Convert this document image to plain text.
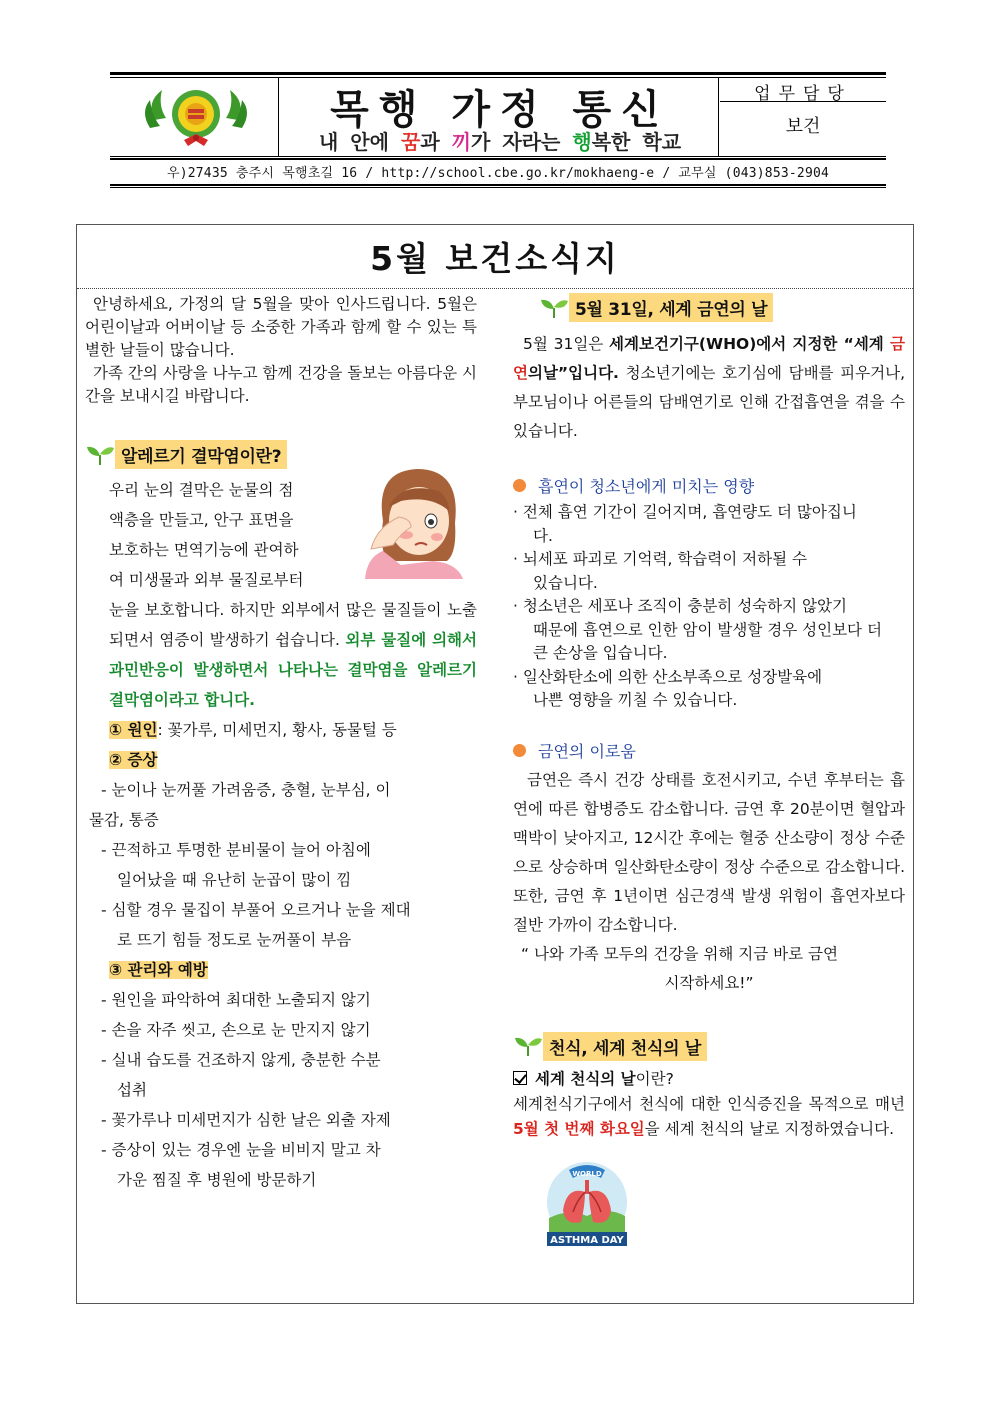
목행 가정 통신
내 안에 꿈과 끼가 자라는 행복한 학교
업무담당
보건
우)27435 충주시 목행초길 16 / http://school.cbe.go.kr/mokhaeng-e / 교무실 (043)853-2904
5월 보건소식지

안녕하세요, 가정의 달 5월을 맞아 인사드립니다. 5월은 어린이날과 어버이날 등 소중한 가족과 함께 할 수 있는 특별한 날들이 많습니다.

가족 간의 사랑을 나누고 함께 건강을 돌보는 아름다운 시간을 보내시길 바랍니다.

알레르기 결막염이란?
우리 눈의 결막은 눈물의 점
액층을 만들고, 안구 표면을
보호하는 면역기능에 관여하
여 미생물과 외부 물질로부터

눈을 보호합니다. 하지만 외부에서 많은 물질들이 노출되면서 염증이 발생하기 쉽습니다. 외부 물질에 의해서 과민반응이 발생하면서 나타나는 결막염을 알레르기 결막염이라고 합니다.

① 원인: 꽃가루, 미세먼지, 황사, 동물털 등
② 증상
- 눈이나 눈꺼풀 가려움증, 충혈, 눈부심, 이
물감, 통증
- 끈적하고 투명한 분비물이 늘어 아침에
일어났을 때 유난히 눈곱이 많이 낌
- 심할 경우 물집이 부풀어 오르거나 눈을 제대
로 뜨기 힘들 정도로 눈꺼풀이 부음
③ 관리와 예방
- 원인을 파악하여 최대한 노출되지 않기
- 손을 자주 씻고, 손으로 눈 만지지 않기
- 실내 습도를 건조하지 않게, 충분한 수분
섭취
- 꽃가루나 미세먼지가 심한 날은 외출 자제
- 증상이 있는 경우엔 눈을 비비지 말고 차
가운 찜질 후 병원에 방문하기
5월 31일, 세계 금연의 날

5월 31일은 세계보건기구(WHO)에서 지정한 “세계 금연의날”입니다. 청소년기에는 호기심에 담배를 피우거나, 부모님이나 어른들의 담배연기로 인해 간접흡연을 겪을 수 있습니다.

흡연이 청소년에게 미치는 영향
· 전체 흡연 기간이 길어지며, 흡연량도 더 많아집니
다.
· 뇌세포 파괴로 기억력, 학습력이 저하될 수
있습니다.
· 청소년은 세포나 조직이 충분히 성숙하지 않았기
때문에 흡연으로 인한 암이 발생할 경우 성인보다 더
큰 손상을 입습니다.
· 일산화탄소에 의한 산소부족으로 성장발육에
나쁜 영향을 끼칠 수 있습니다.
금연의 이로움

금연은 즉시 건강 상태를 호전시키고, 수년 후부터는 흡연에 따른 합병증도 감소합니다. 금연 후 20분이면 혈압과 맥박이 낮아지고, 12시간 후에는 혈중 산소량이 정상 수준으로 상승하며 일산화탄소량이 정상 수준으로 감소합니다. 또한, 금연 후 1년이면 심근경색 발생 위험이 흡연자보다 절반 가까이 감소합니다.

“ 나와 가족 모두의 건강을 위해 지금 바로 금연
시작하세요!”
천식, 세계 천식의 날
세계 천식의 날 이란?

세계천식기구에서 천식에 대한 인식증진을 목적으로 매년 5월 첫 번째 화요일을 세계 천식의 날로 지정하였습니다.

WORLD
ASTHMA DAY
